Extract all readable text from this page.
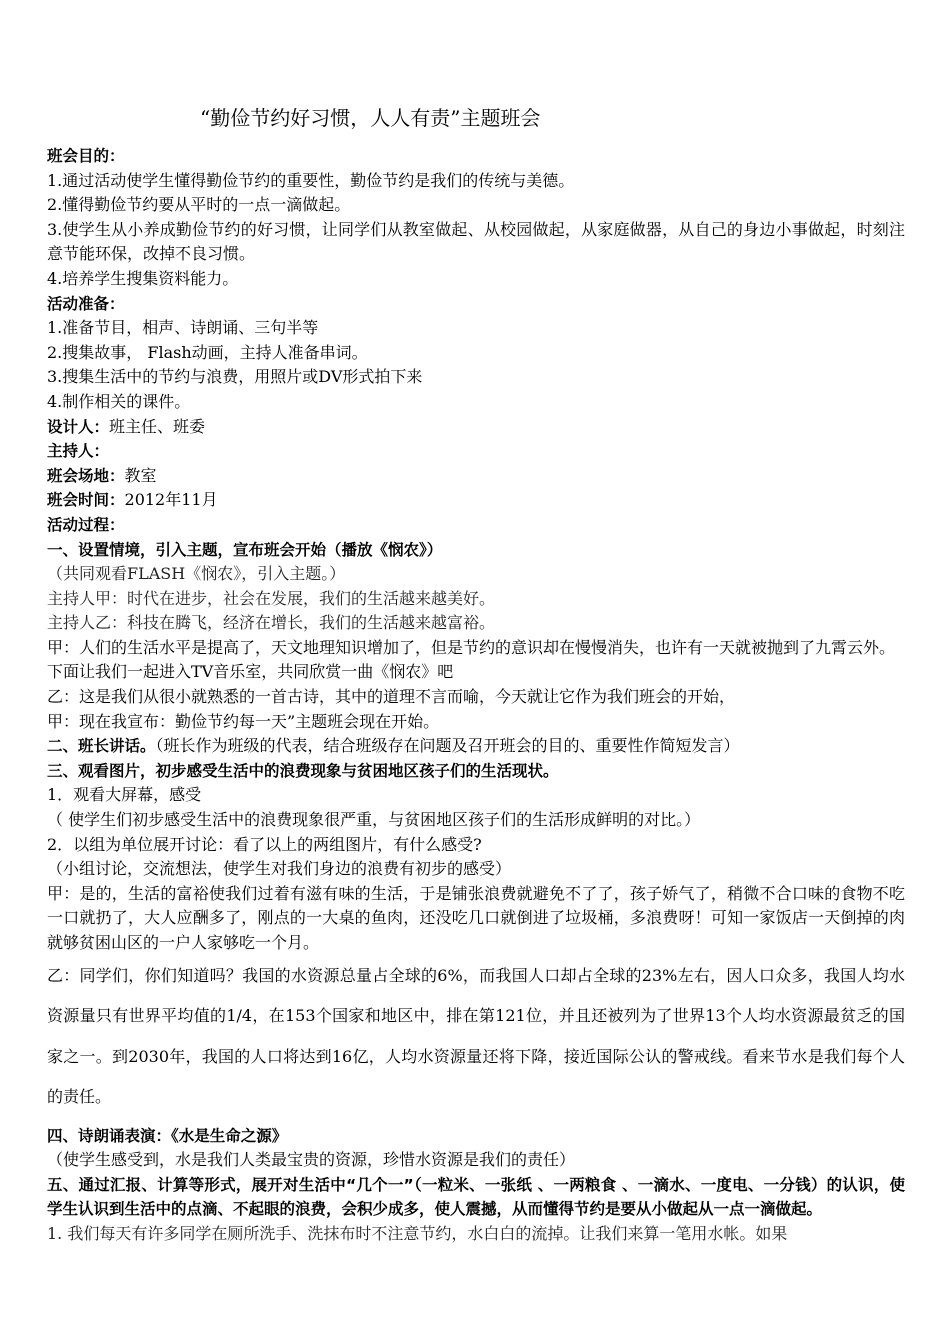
“勤俭节约好习惯，人人有责”主题班会
班会目的：
1.通过活动使学生懂得勤俭节约的重要性，勤俭节约是我们的传统与美德。
2.懂得勤俭节约要从平时的一点一滴做起。
3.使学生从小养成勤俭节约的好习惯，让同学们从教室做起、从校园做起，从家庭做器，从自己的身边小事做起，时刻注意节能环保，改掉不良习惯。
4.培养学生搜集资料能力。
活动准备：
1.准备节目，相声、诗朗诵、三句半等
2.搜集故事， Flash动画，主持人准备串词。
3.搜集生活中的节约与浪费，用照片或DV形式拍下来
4.制作相关的课件。
设计人：班主任、班委
主持人：
班会场地：教室
班会时间：2012年11月
活动过程：
一、设置情境，引入主题，宣布班会开始（播放《悯农》）
（共同观看FLASH《悯农》，引入主题。）
主持人甲：时代在进步，社会在发展，我们的生活越来越美好。
主持人乙：科技在腾飞，经济在增长，我们的生活越来越富裕。
甲：人们的生活水平是提高了，天文地理知识增加了，但是节约的意识却在慢慢消失，也许有一天就被抛到了九霄云外。
下面让我们一起进入TV音乐室，共同欣赏一曲《悯农》吧
乙：这是我们从很小就熟悉的一首古诗，其中的道理不言而喻，今天就让它作为我们班会的开始，
甲：现在我宣布：勤俭节约每一天”主题班会现在开始。
二、班长讲话。（班长作为班级的代表，结合班级存在问题及召开班会的目的、重要性作简短发言）
三、观看图片，初步感受生活中的浪费现象与贫困地区孩子们的生活现状。
1．观看大屏幕，感受
（ 使学生们初步感受生活中的浪费现象很严重，与贫困地区孩子们的生活形成鲜明的对比。）
2．以组为单位展开讨论：看了以上的两组图片，有什么感受?
（小组讨论，交流想法，使学生对我们身边的浪费有初步的感受）
甲：是的，生活的富裕使我们过着有滋有味的生活，于是铺张浪费就避免不了了，孩子娇气了，稍微不合口味的食物不吃一口就扔了，大人应酬多了，刚点的一大桌的鱼肉，还没吃几口就倒进了垃圾桶，多浪费呀！可知一家饭店一天倒掉的肉就够贫困山区的一户人家够吃一个月。
乙：同学们，你们知道吗？我国的水资源总量占全球的6%，而我国人口却占全球的23%左右，因人口众多，我国人均水资源量只有世界平均值的1/4，在153个国家和地区中，排在第121位，并且还被列为了世界13个人均水资源最贫乏的国家之一。到2030年，我国的人口将达到16亿，人均水资源量还将下降，接近国际公认的警戒线。看来节水是我们每个人的责任。
四、诗朗诵表演：《水是生命之源》
（使学生感受到，水是我们人类最宝贵的资源，珍惜水资源是我们的责任）
五、通过汇报、计算等形式，展开对生活中“几个一”（一粒米、一张纸 、一两粮食 、一滴水、一度电、一分钱）的认识，使学生认识到生活中的点滴、不起眼的浪费，会积少成多，使人震撼，从而懂得节约是要从小做起从一点一滴做起。
1. 我们每天有许多同学在厕所洗手、洗抹布时不注意节约，水白白的流掉。让我们来算一笔用水帐。如果
